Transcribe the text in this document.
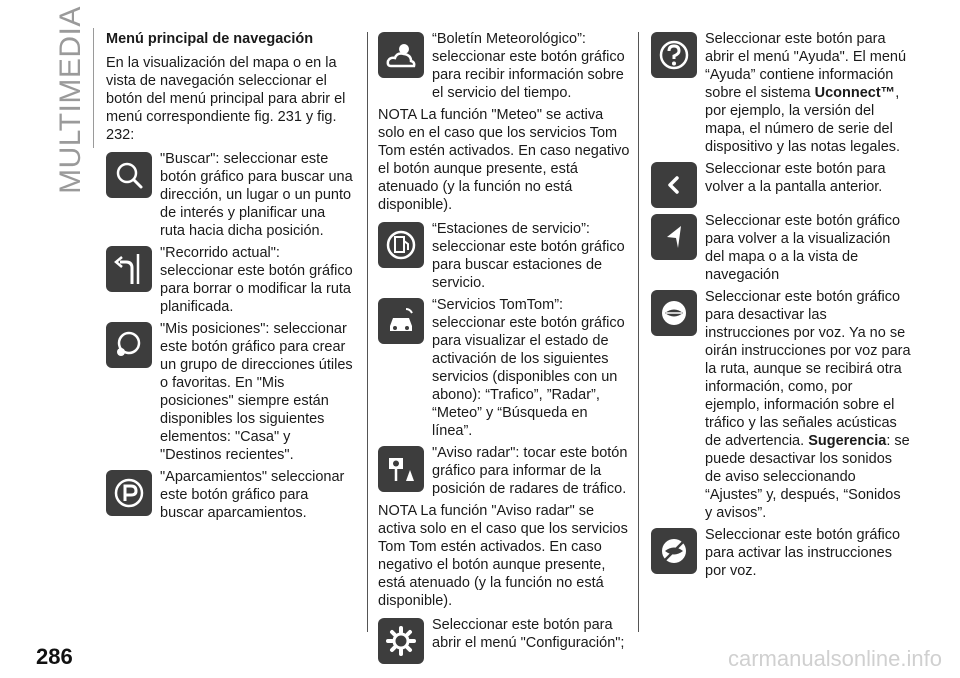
MULTIMEDIA Menú principal de navegación

En la visualización del mapa o en la vista de navegación seleccionar el botón del menú principal para abrir el menú correspondiente fig. 231 y fig. 232:

"Buscar": seleccionar este botón gráfico para buscar una dirección, un lugar o un punto de interés y planificar una ruta hacia dicha posición.

"Recorrido actual": seleccionar este botón gráfico para borrar o modificar la ruta planificada.

"Mis posiciones": seleccionar este botón gráfico para crear un grupo de direcciones útiles o favoritas. En "Mis posiciones" siempre están disponibles los siguientes elementos: "Casa" y "Destinos recientes".

"Aparcamientos" seleccionar este botón gráfico para buscar aparcamientos.

“Boletín Meteorológico”: seleccionar este botón gráfico para recibir información sobre el servicio del tiempo.

NOTA La función "Meteo" se activa solo en el caso que los servicios Tom Tom estén activados. En caso negativo el botón aunque presente, está atenuado (y la función no está disponible).

“Estaciones de servicio”: seleccionar este botón gráfico para buscar estaciones de servicio.

“Servicios TomTom”: seleccionar este botón gráfico para visualizar el estado de activación de los siguientes servicios (disponibles con un abono): “Trafico”, ”Radar”, “Meteo” y “Búsqueda en línea”.

"Aviso radar": tocar este botón gráfico para informar de la posición de radares de tráfico.

NOTA La función "Aviso radar" se activa solo en el caso que los servicios Tom Tom estén activados. En caso negativo el botón aunque presente, está atenuado (y la función no está disponible).

Seleccionar este botón para abrir el menú "Configuración";

Seleccionar este botón para abrir el menú "Ayuda". El menú “Ayuda” contiene información sobre el sistema Uconnect™, por ejemplo, la versión del mapa, el número de serie del dispositivo y las notas legales.

Seleccionar este botón para volver a la pantalla anterior.

Seleccionar este botón gráfico para volver a la visualización del mapa o a la vista de navegación

Seleccionar este botón gráfico para desactivar las instrucciones por voz. Ya no se oirán instrucciones por voz para la ruta, aunque se recibirá otra información, como, por ejemplo, información sobre el tráfico y las señales acústicas de advertencia. Sugerencia: se puede desactivar los sonidos de aviso seleccionando “Ajustes” y, después, “Sonidos y avisos”.

Seleccionar este botón gráfico para activar las instrucciones por voz.

286	carmanualsonline.info
